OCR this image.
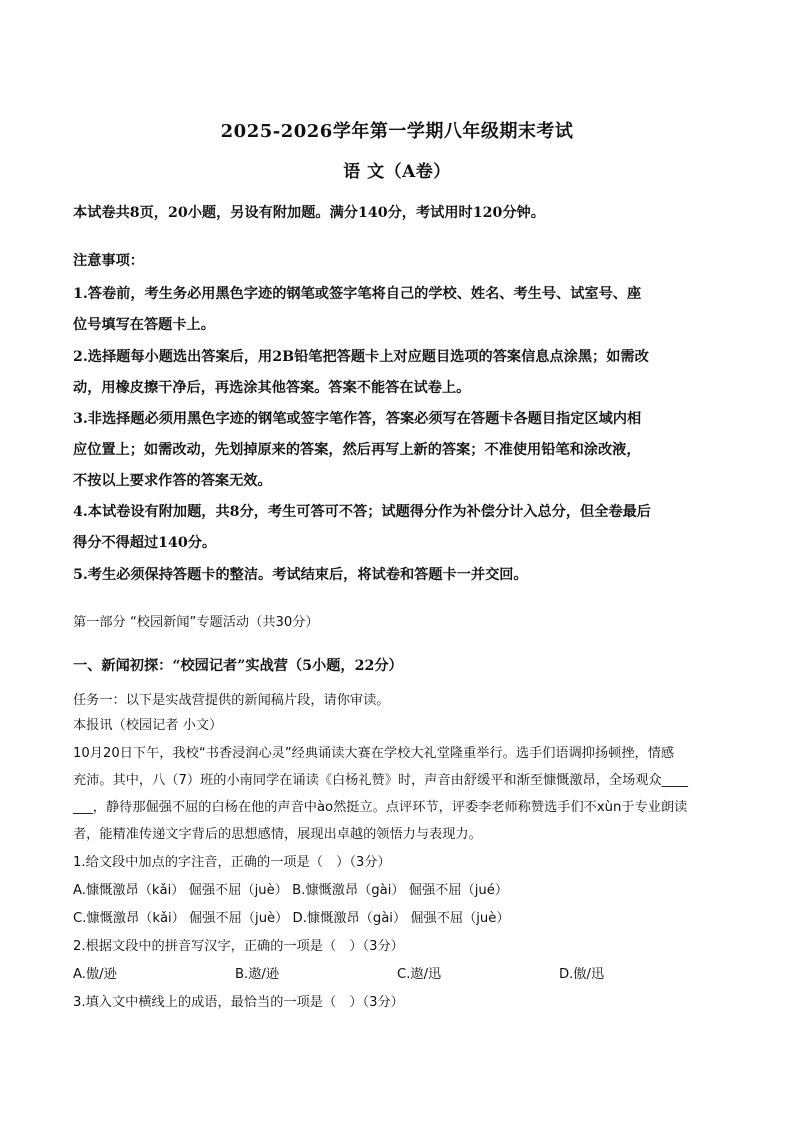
2025-2026学年第一学期八年级期末考试
语 文（A卷）
本试卷共8页，20小题，另设有附加题。满分140分，考试用时120分钟。
注意事项：
1.答卷前，考生务必用黑色字迹的钢笔或签字笔将自己的学校、姓名、考生号、试室号、座
位号填写在答题卡上。
2.选择题每小题选出答案后，用2B铅笔把答题卡上对应题目选项的答案信息点涂黑；如需改
动，用橡皮擦干净后，再选涂其他答案。答案不能答在试卷上。
3.非选择题必须用黑色字迹的钢笔或签字笔作答，答案必须写在答题卡各题目指定区域内相
应位置上；如需改动，先划掉原来的答案，然后再写上新的答案；不准使用铅笔和涂改液，
不按以上要求作答的答案无效。
4.本试卷设有附加题，共8分，考生可答可不答；试题得分作为补偿分计入总分，但全卷最后
得分不得超过140分。
5.考生必须保持答题卡的整洁。考试结束后，将试卷和答题卡一并交回。
第一部分 “校园新闻”专题活动（共30分）
一、新闻初探：“校园记者”实战营（5小题，22分）
任务一：以下是实战营提供的新闻稿片段，请你审读。
本报讯（校园记者 小文）
10月20日下午，我校“书香浸润心灵”经典诵读大赛在学校大礼堂隆重举行。选手们语调抑扬顿挫，情感
充沛。其中，八（7）班的小南同学在诵读《白杨礼赞》时，声音由舒缓平和渐至慷慨激昂，全场观众____
___，静待那倔强不屈的白杨在他的声音中ào然挺立。点评环节，评委李老师称赞选手们不xùn于专业朗读
者，能精准传递文字背后的思想感情，展现出卓越的领悟力与表现力。
1.给文段中加点的字注音，正确的一项是（　）（3分）
A.慷慨激昂（kǎi） 倔强不屈（juè） B.慷慨激昂（gài） 倔强不屈（jué）
C.慷慨激昂（kǎi） 倔强不屈（juè） D.慷慨激昂（gài） 倔强不屈（juè）
2.根据文段中的拼音写汉字，正确的一项是（　）（3分）
A.傲/逊	B.遨/逊	C.遨/迅	D.傲/迅
3.填入文中横线上的成语，最恰当的一项是（　）（3分）
